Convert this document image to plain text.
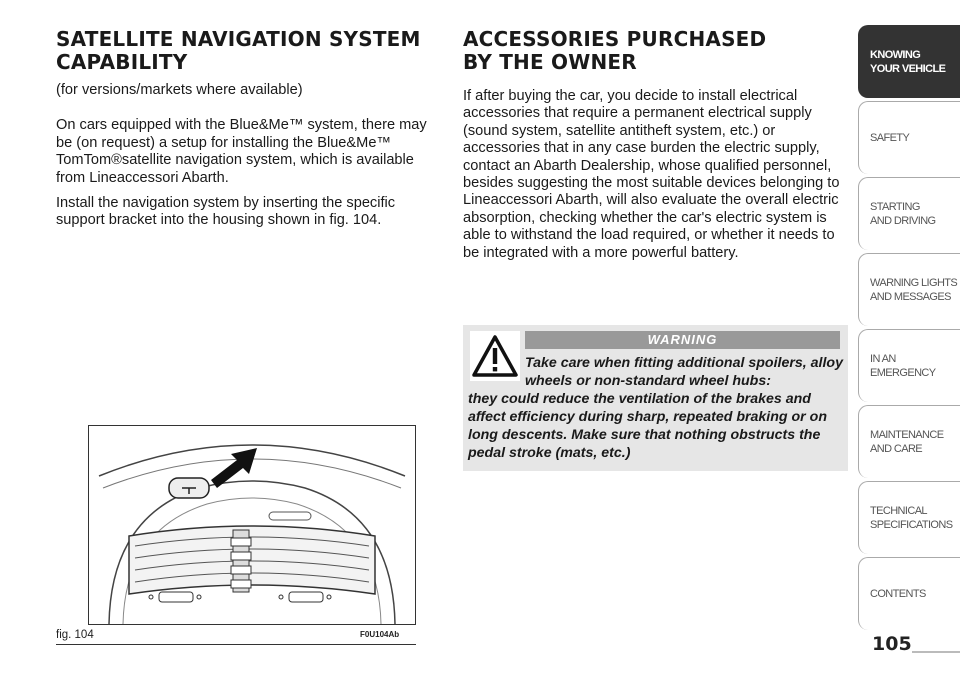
SATELLITE NAVIGATION SYSTEM
CAPABILITY

(for versions/markets where available)

On cars equipped with the Blue&Me™ system, there may be (on request) a setup for installing the Blue&Me™ TomTom®satellite navigation system, which is available from Lineaccessori Abarth.

Install the navigation system by inserting the specific support bracket into the housing shown in fig. 104.

ACCESSORIES PURCHASED
BY THE OWNER

If after buying the car, you decide to install electrical accessories that require a permanent electrical supply (sound system, satellite antitheft system, etc.) or accessories that in any case burden the electric supply, contact an Abarth Dealership, whose qualified personnel, besides suggesting the most suitable devices belonging to Lineaccessori Abarth, will also evaluate the overall electric absorption, checking whether the car's electric system is able to withstand the load required, or whether it needs to be integrated with a more powerful battery.

WARNING
Take care when fitting additional spoilers, alloy wheels or non-standard wheel hubs:
they could reduce the ventilation of the brakes and affect efficiency during sharp, repeated braking or on long descents. Make sure that nothing obstructs the pedal stroke (mats, etc.)
fig. 104	F0U104Ab
KNOWING
YOUR VEHICLE
SAFETY
STARTING
AND DRIVING
WARNING LIGHTS
AND MESSAGES
IN AN
EMERGENCY
MAINTENANCE
AND CARE
TECHNICAL
SPECIFICATIONS
CONTENTS
105
